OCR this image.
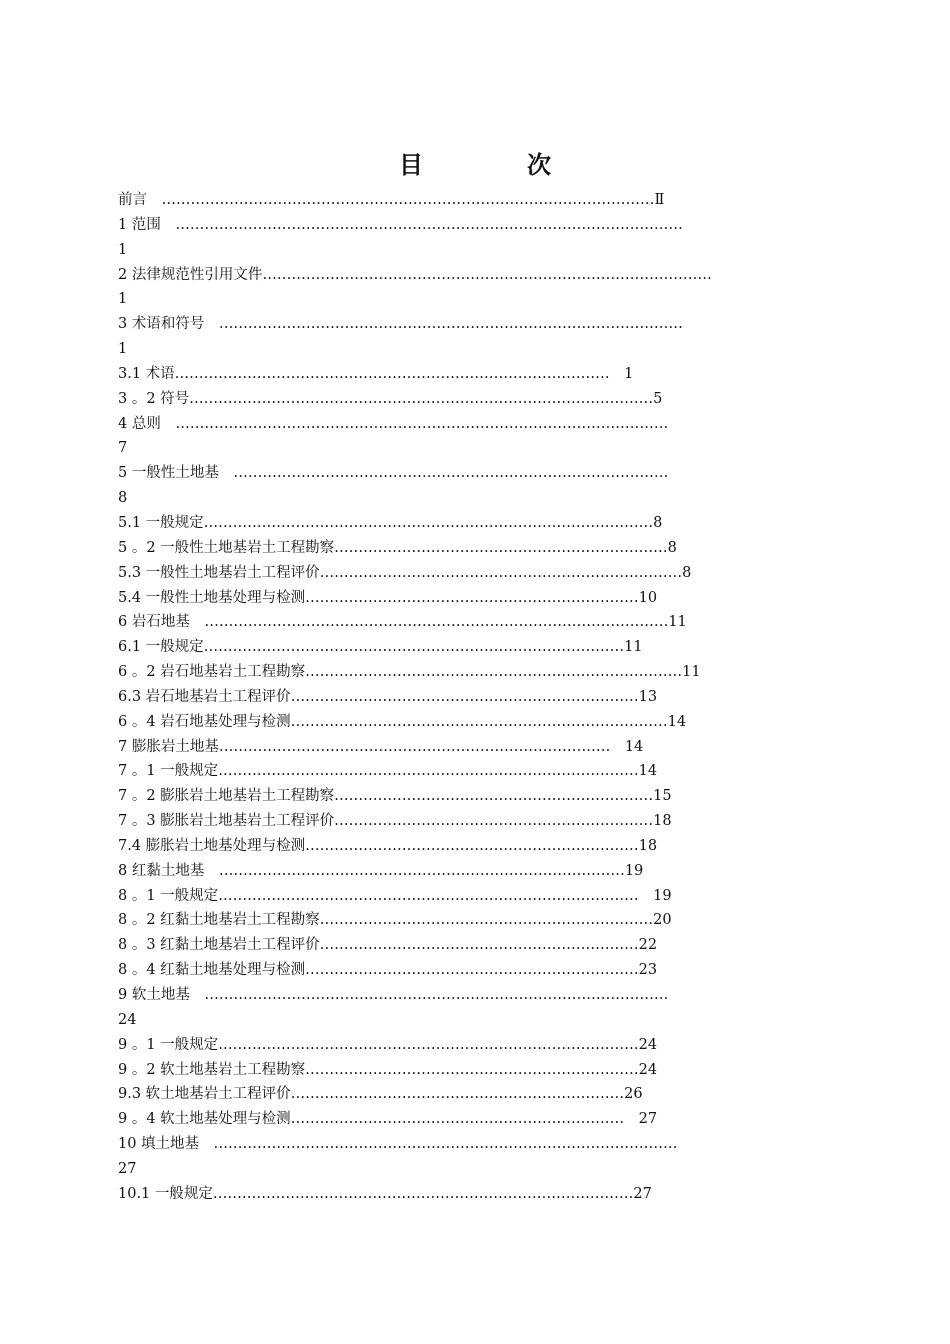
目　次
前言　…………………………………………………………………………………………Ⅱ
1 范围　……………………………………………………………………………………………
1
2 法律规范性引用文件…………………………………………………………………………………
1
3 术语和符号　……………………………………………………………………………………
1
3.1 术语………………………………………………………………………………　1
3 。2 符号……………………………………………………………………………………5
4 总则　…………………………………………………………………………………………
7
5 一般性土地基　………………………………………………………………………………
8
5.1 一般规定…………………………………………………………………………………8
5 。2 一般性土地基岩土工程勘察……………………………………………………………8
5.3 一般性土地基岩土工程评价…………………………………………………………………8
5.4 一般性土地基处理与检测……………………………………………………………10
6 岩石地基　……………………………………………………………………………………11
6.1 一般规定……………………………………………………………………………11
6 。2 岩石地基岩土工程勘察……………………………………………………………………11
6.3 岩石地基岩土工程评价………………………………………………………………13
6 。4 岩石地基处理与检测……………………………………………………………………14
7 膨胀岩土地基………………………………………………………………………　14
7 。1 一般规定……………………………………………………………………………14
7 。2 膨胀岩土地基岩土工程勘察…………………………………………………………15
7 。3 膨胀岩土地基岩土工程评价…………………………………………………………18
7.4 膨胀岩土地基处理与检测……………………………………………………………18
8 红黏土地基　…………………………………………………………………………19
8 。1 一般规定……………………………………………………………………………　19
8 。2 红黏土地基岩土工程勘察……………………………………………………………20
8 。3 红黏土地基岩土工程评价…………………………………………………………22
8 。4 红黏土地基处理与检测……………………………………………………………23
9 软土地基　……………………………………………………………………………………
24
9 。1 一般规定……………………………………………………………………………24
9 。2 软土地基岩土工程勘察……………………………………………………………24
9.3 软土地基岩土工程评价……………………………………………………………26
9 。4 软土地基处理与检测……………………………………………………………　27
10 填土地基　……………………………………………………………………………………
27
10.1 一般规定……………………………………………………………………………27
